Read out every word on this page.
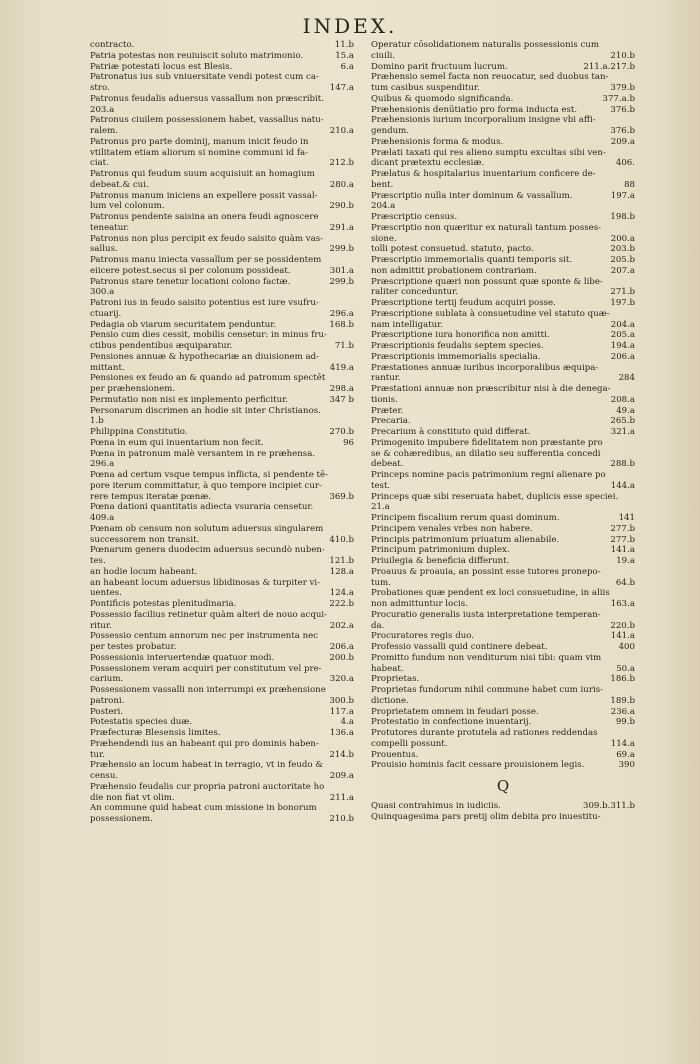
INDEX.
11.b
contracto.
15.a
Patria potestas non reuiuiscit soluto matrimonio.
6.a
Patriæ potestati locus est Blesis.
Patronatus ius sub vniuersitate vendi potest cum ca-
147.a
stro.
Patronus feudalis aduersus vassallum non præscribit.
203.a
Patronus ciuilem possessionem habet, vassallus natu-
210.a
ralem.
Patronus pro parte dominij, manum inicit feudo in
vtilitatem etiam aliorum si nomine communi id fa-
212.b
ciat.
Patronus qui feudum suum acquisiuit an homagium
280.a
debeat.& cui.
Patronus manum iniciens an expellere possit vassal-
290.b
lum vel colonum.
Patronus pendente saisina an onera feudi agnoscere
291.a
teneatur.
Patronus non plus percipit ex feudo saisito quàm vas-
299.b
sallus.
Patronus manu iniecta vassallum per se possidentem
301.a
eiicere potest.secus si per colonum possideat.
299.b
Patronus stare tenetur locationi colono factæ.
300.a
Patroni ius in feudo saisito potentius est iure vsufru-
296.a
ctuarij.
168.b
Pedagia ob viarum securitatem penduntur.
Pensio cum dies cessit, mobilis censetur: in minus fru-
71.b
ctibus pendentibus æquiparatur.
Pensiones annuæ & hypothecariæ an diuisionem ad-
419.a
mittant.
Pensiones ex feudo an & quando ad patronum spectēt
298.a
per præhensionem.
347 b
Permutatio non nisi ex implemento perficitur.
Personarum discrimen an hodie sit inter Christianos.
1.b
270.b
Philippina Constitutio.
96
Pœna in eum qui inuentarium non fecit.
Pœna in patronum malè versantem in re præhensa.
296.a
Pœna ad certum vsque tempus inflicta, si pendente tē-
pore iterum committatur, à quo tempore incipiet cur-
369.b
rere tempus iteratæ pœnæ.
Pœna dationi quantitatis adiecta vsuraria censetur.
409.a
Pœnam ob censum non solutum aduersus singularem
410.b
successorem non transit.
Pœnarum genera duodecim aduersus secundò nuben-
121.b
tes.
128.a
an hodie locum habeant.
an habeant locum aduersus libidinosas & turpiter vi-
124.a
uentes.
222.b
Pontificis potestas plenitudinaria.
Possessio facilius retinetur quàm alteri de nouo acqui-
202.a
ritur.
Possessio centum annorum nec per instrumenta nec
206.a
per testes probatur.
200.b
Possessionis interuertendæ quatuor modi.
Possessionem veram acquiri per constitutum vel pre-
320.a
carium.
Possessionem vassalli non interrumpi ex præhensione
300.b
patroni.
117.a
Posteri.
4.a
Potestatis species duæ.
136.a
Præfecturæ Blesensis limites.
Præhendendi ius an habeant qui pro dominis haben-
214.b
tur.
Præhensio an locum habeat in terragio, vt in feudo &
209.a
censu.
Præhensio feudalis cur propria patroni auctoritate ho
211.a
die non fiat vt olim.
An commune quid habeat cum missione in bonorum
210.b
possessionem.
Operatur cōsolidationem naturalis possessionis cum
210.b
ciuili.
211.a.217.b
Domino parit fructuum lucrum.
Præhensio semel facta non reuocatur, sed duobus tan-
379.b
tum casibus suspenditur.
377.a.b
Quibus & quomodo significanda.
376.b
Præhensionis denūtiatio pro forma inducta est.
Præhensionis iurium incorporalium insigne vbi affi-
376.b
gendum.
209.a
Præhensionis forma & modus.
Prælati taxati qui res alieno sumptu excultas sibi ven-
406.
dicant prætextu ecclesiæ.
Prælatus & hospitalarius inuentarium conficere de-
88
bent.
197.a
Præscriptio nulla inter dominum & vassallum.
204.a
198.b
Præscriptio census.
Præscriptio non quæritur ex naturali tantum posses-
200.a
sione.
203.b
tolli potest consuetud. statuto, pacto.
205.b
Præscriptio immemorialis quanti temporis sit.
207.a
non admittit probationem contrariam.
Præscriptione quæri non possunt quæ sponte & libe-
271.b
raliter conceduntur.
197.b
Præscriptione tertij feudum acquiri posse.
Præscriptione sublata à consuetudine vel statuto quæ-
204.a
nam intelligatur.
205.a
Præscriptione iura honorifica non amitti.
194.a
Præscriptionis feudalis septem species.
206.a
Præscriptionis immemorialis specialia.
Præstationes annuæ iuribus incorporalibus æquipa-
284
rantur.
Præstationi annuæ non præscribitur nisi à die denega-
208.a
tionis.
49.a
Præter.
265.b
Precaria.
321.a
Precarium à constituto quid differat.
Primogenito impubere fidelitatem non præstante pro
se & cohæredibus, an dilatio seu sufferentia concedi
288.b
debeat.
Princeps nomine pacis patrimonium regni alienare po
144.a
test.
Princeps quæ sibi reseruata habet, duplicis esse speciei.
21.a
141
Principem fiscalium rerum quasi dominum.
277.b
Principem venales vrbes non habere.
277.b
Principis patrimonium priuatum alienabile.
141.a
Principum patrimonium duplex.
19.a
Priuilegia & beneficia differunt.
Proauus & proauia, an possint esse tutores pronepo-
64.b
tum.
Probationes quæ pendent ex loci consuetudine, in aliis
163.a
non admittuntur locis.
Procuratio generalis iusta interpretatione temperan-
220.b
da.
141.a
Procuratores regis duo.
400
Professio vassalli quid continere debeat.
Promitto fundum non venditurum nisi tibi: quam vim
50.a
habeat.
186.b
Proprietas.
Proprietas fundorum nihil commune habet cum iuris-
189.b
dictione.
236.a
Proprietatem omnem in feudari posse.
99.b
Protestatio in confectione inuentarij.
Protutores durante protutela ad rationes reddendas
114.a
compelli possunt.
69.a
Prouentus.
390
Prouisio hominis facit cessare prouisionem legis.
Q
309.b.311.b
Quasi contrahimus in iudiciis.
Quinquagesima pars pretij olim debita pro inuestitu-
